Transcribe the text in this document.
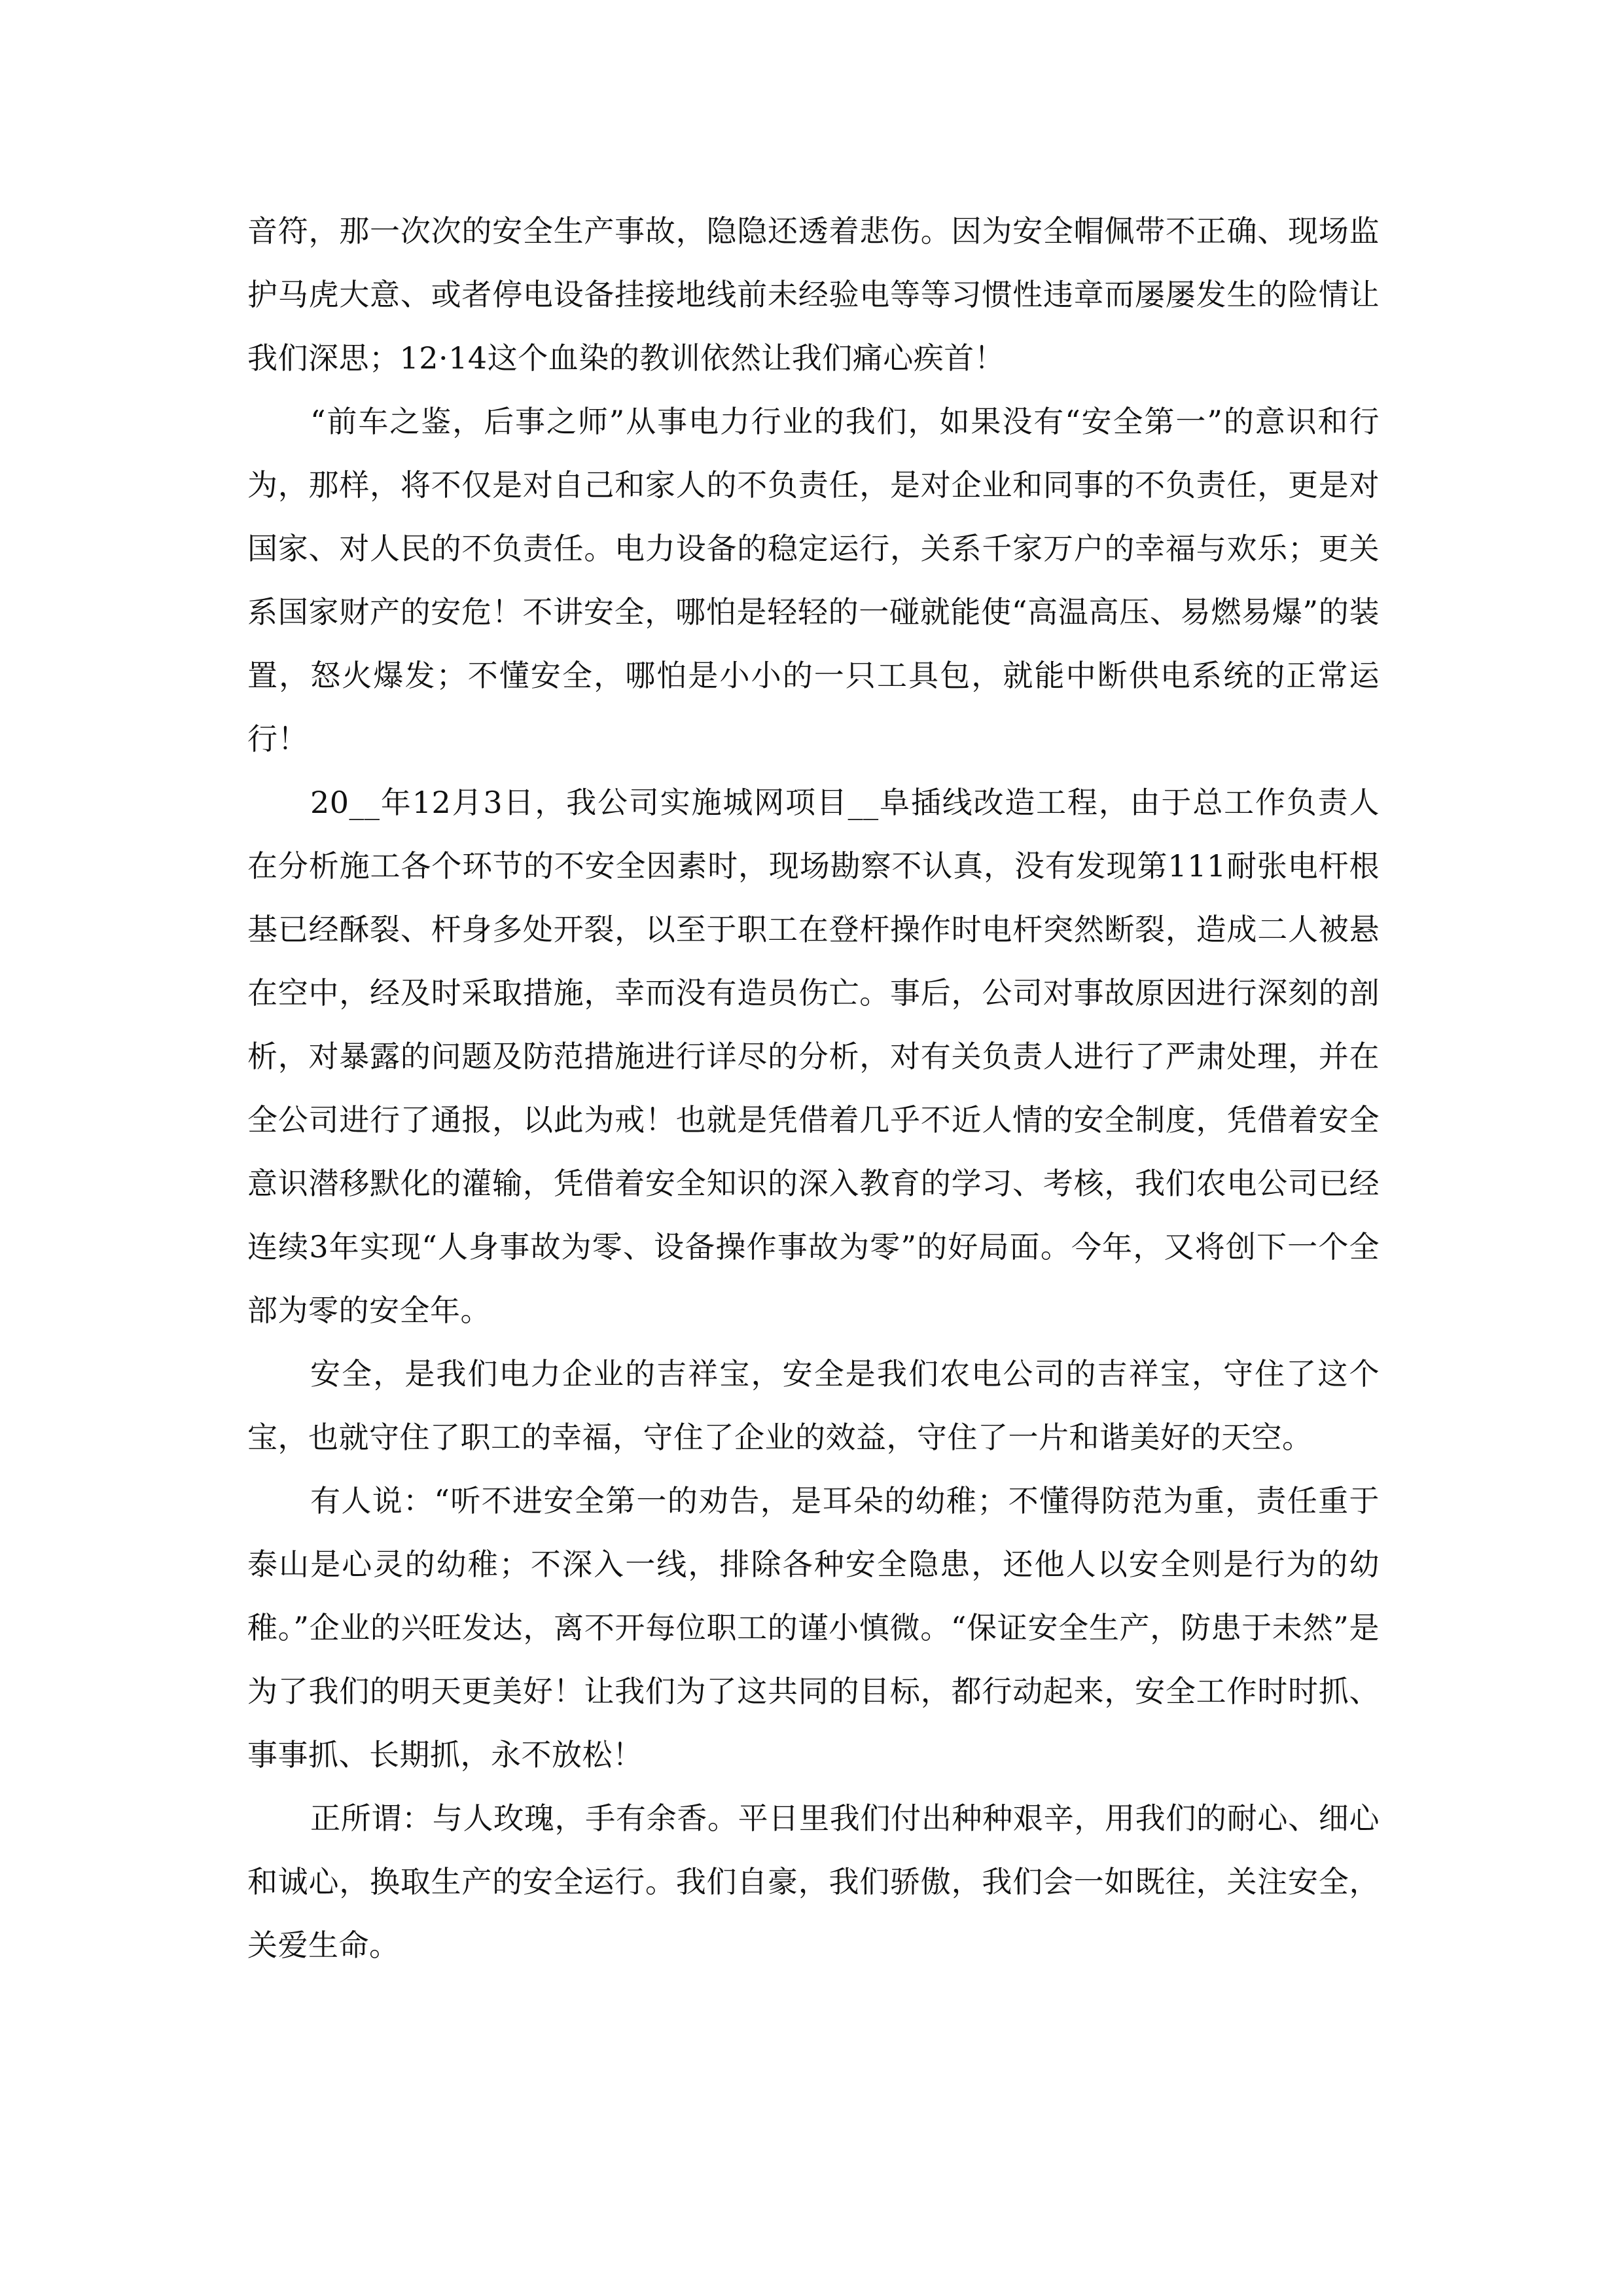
音符，那一次次的安全生产事故，隐隐还透着悲伤。因为安全帽佩带不正确、现场监护马虎大意、或者停电设备挂接地线前未经验电等等习惯性违章而屡屡发生的险情让我们深思；12·14这个血染的教训依然让我们痛心疾首！

“前车之鉴，后事之师”从事电力行业的我们，如果没有“安全第一”的意识和行为，那样，将不仅是对自己和家人的不负责任，是对企业和同事的不负责任，更是对国家、对人民的不负责任。电力设备的稳定运行，关系千家万户的幸福与欢乐；更关系国家财产的安危！不讲安全，哪怕是轻轻的一碰就能使“高温高压、易燃易爆”的装置，怒火爆发；不懂安全，哪怕是小小的一只工具包，就能中断供电系统的正常运行！

20__年12月3日，我公司实施城网项目__阜插线改造工程，由于总工作负责人在分析施工各个环节的不安全因素时，现场勘察不认真，没有发现第111耐张电杆根基已经酥裂、杆身多处开裂，以至于职工在登杆操作时电杆突然断裂，造成二人被悬在空中，经及时采取措施，幸而没有造员伤亡。事后，公司对事故原因进行深刻的剖析，对暴露的问题及防范措施进行详尽的分析，对有关负责人进行了严肃处理，并在全公司进行了通报，以此为戒！也就是凭借着几乎不近人情的安全制度，凭借着安全意识潜移默化的灌输，凭借着安全知识的深入教育的学习、考核，我们农电公司已经连续3年实现“人身事故为零、设备操作事故为零”的好局面。今年，又将创下一个全部为零的安全年。

安全，是我们电力企业的吉祥宝，安全是我们农电公司的吉祥宝，守住了这个宝，也就守住了职工的幸福，守住了企业的效益，守住了一片和谐美好的天空。

有人说：“听不进安全第一的劝告，是耳朵的幼稚；不懂得防范为重，责任重于泰山是心灵的幼稚；不深入一线，排除各种安全隐患，还他人以安全则是行为的幼稚。”企业的兴旺发达，离不开每位职工的谨小慎微。“保证安全生产，防患于未然”是为了我们的明天更美好！让我们为了这共同的目标，都行动起来，安全工作时时抓、事事抓、长期抓，永不放松！

正所谓：与人玫瑰，手有余香。平日里我们付出种种艰辛，用我们的耐心、细心和诚心，换取生产的安全运行。我们自豪，我们骄傲，我们会一如既往，关注安全，关爱生命。
